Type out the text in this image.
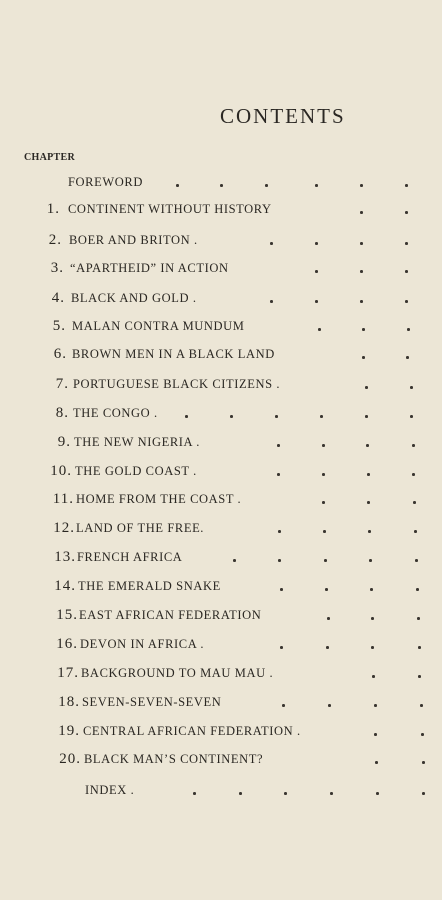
CONTENTS
CHAPTER
FOREWORD
1. CONTINENT WITHOUT HISTORY
2. BOER AND BRITON .
3. “APARTHEID” IN ACTION
4. BLACK AND GOLD .
5. MALAN CONTRA MUNDUM
6. BROWN MEN IN A BLACK LAND
7. PORTUGUESE BLACK CITIZENS .
8. THE CONGO .
9. THE NEW NIGERIA .
10. THE GOLD COAST .
11. HOME FROM THE COAST .
12. LAND OF THE FREE.
13. FRENCH AFRICA
14. THE EMERALD SNAKE
15. EAST AFRICAN FEDERATION
16. DEVON IN AFRICA .
17. BACKGROUND TO MAU MAU .
18. SEVEN-SEVEN-SEVEN
19. CENTRAL AFRICAN FEDERATION .
20. BLACK MAN’S CONTINENT?
INDEX .
